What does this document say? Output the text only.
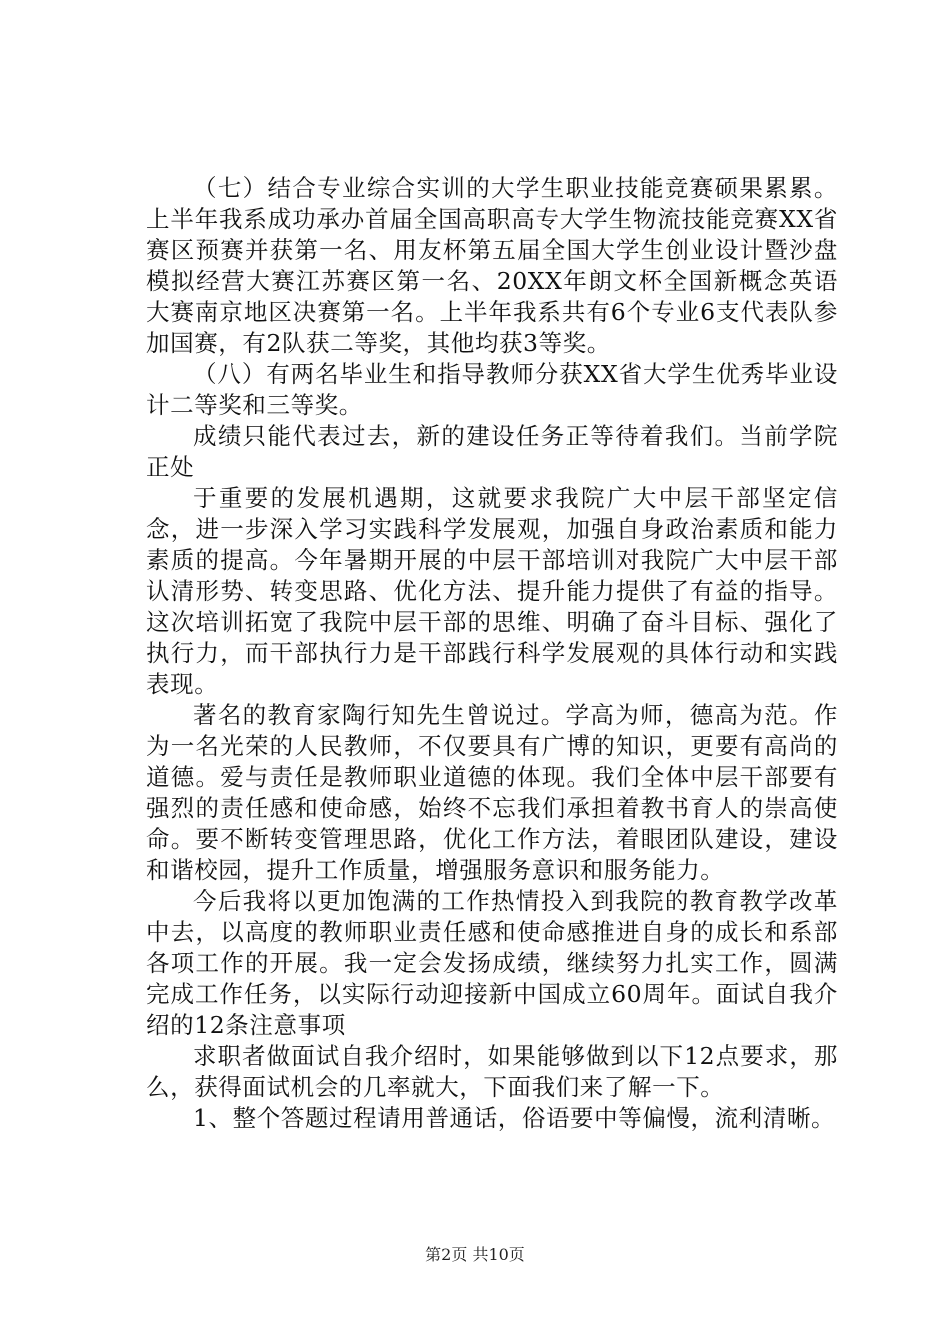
（七）结合专业综合实训的大学生职业技能竞赛硕果累累。上半年我系成功承办首届全国高职高专大学生物流技能竞赛XX省赛区预赛并获第一名、用友杯第五届全国大学生创业设计暨沙盘模拟经营大赛江苏赛区第一名、20XX年朗文杯全国新概念英语大赛南京地区决赛第一名。上半年我系共有6个专业6支代表队参加国赛，有2队获二等奖，其他均获3等奖。

（八）有两名毕业生和指导教师分获XX省大学生优秀毕业设计二等奖和三等奖。

成绩只能代表过去，新的建设任务正等待着我们。当前学院正处

于重要的发展机遇期，这就要求我院广大中层干部坚定信念，进一步深入学习实践科学发展观，加强自身政治素质和能力素质的提高。今年暑期开展的中层干部培训对我院广大中层干部认清形势、转变思路、优化方法、提升能力提供了有益的指导。这次培训拓宽了我院中层干部的思维、明确了奋斗目标、强化了执行力，而干部执行力是干部践行科学发展观的具体行动和实践表现。

著名的教育家陶行知先生曾说过。学高为师，德高为范。作为一名光荣的人民教师，不仅要具有广博的知识，更要有高尚的道德。爱与责任是教师职业道德的体现。我们全体中层干部要有强烈的责任感和使命感，始终不忘我们承担着教书育人的崇高使命。要不断转变管理思路，优化工作方法，着眼团队建设，建设和谐校园，提升工作质量，增强服务意识和服务能力。

今后我将以更加饱满的工作热情投入到我院的教育教学改革中去，以高度的教师职业责任感和使命感推进自身的成长和系部各项工作的开展。我一定会发扬成绩，继续努力扎实工作，圆满完成工作任务，以实际行动迎接新中国成立60周年。面试自我介绍的12条注意事项

求职者做面试自我介绍时，如果能够做到以下12点要求，那么，获得面试机会的几率就大，下面我们来了解一下。

1、整个答题过程请用普通话，俗语要中等偏慢，流利清晰。

第2页 共10页
